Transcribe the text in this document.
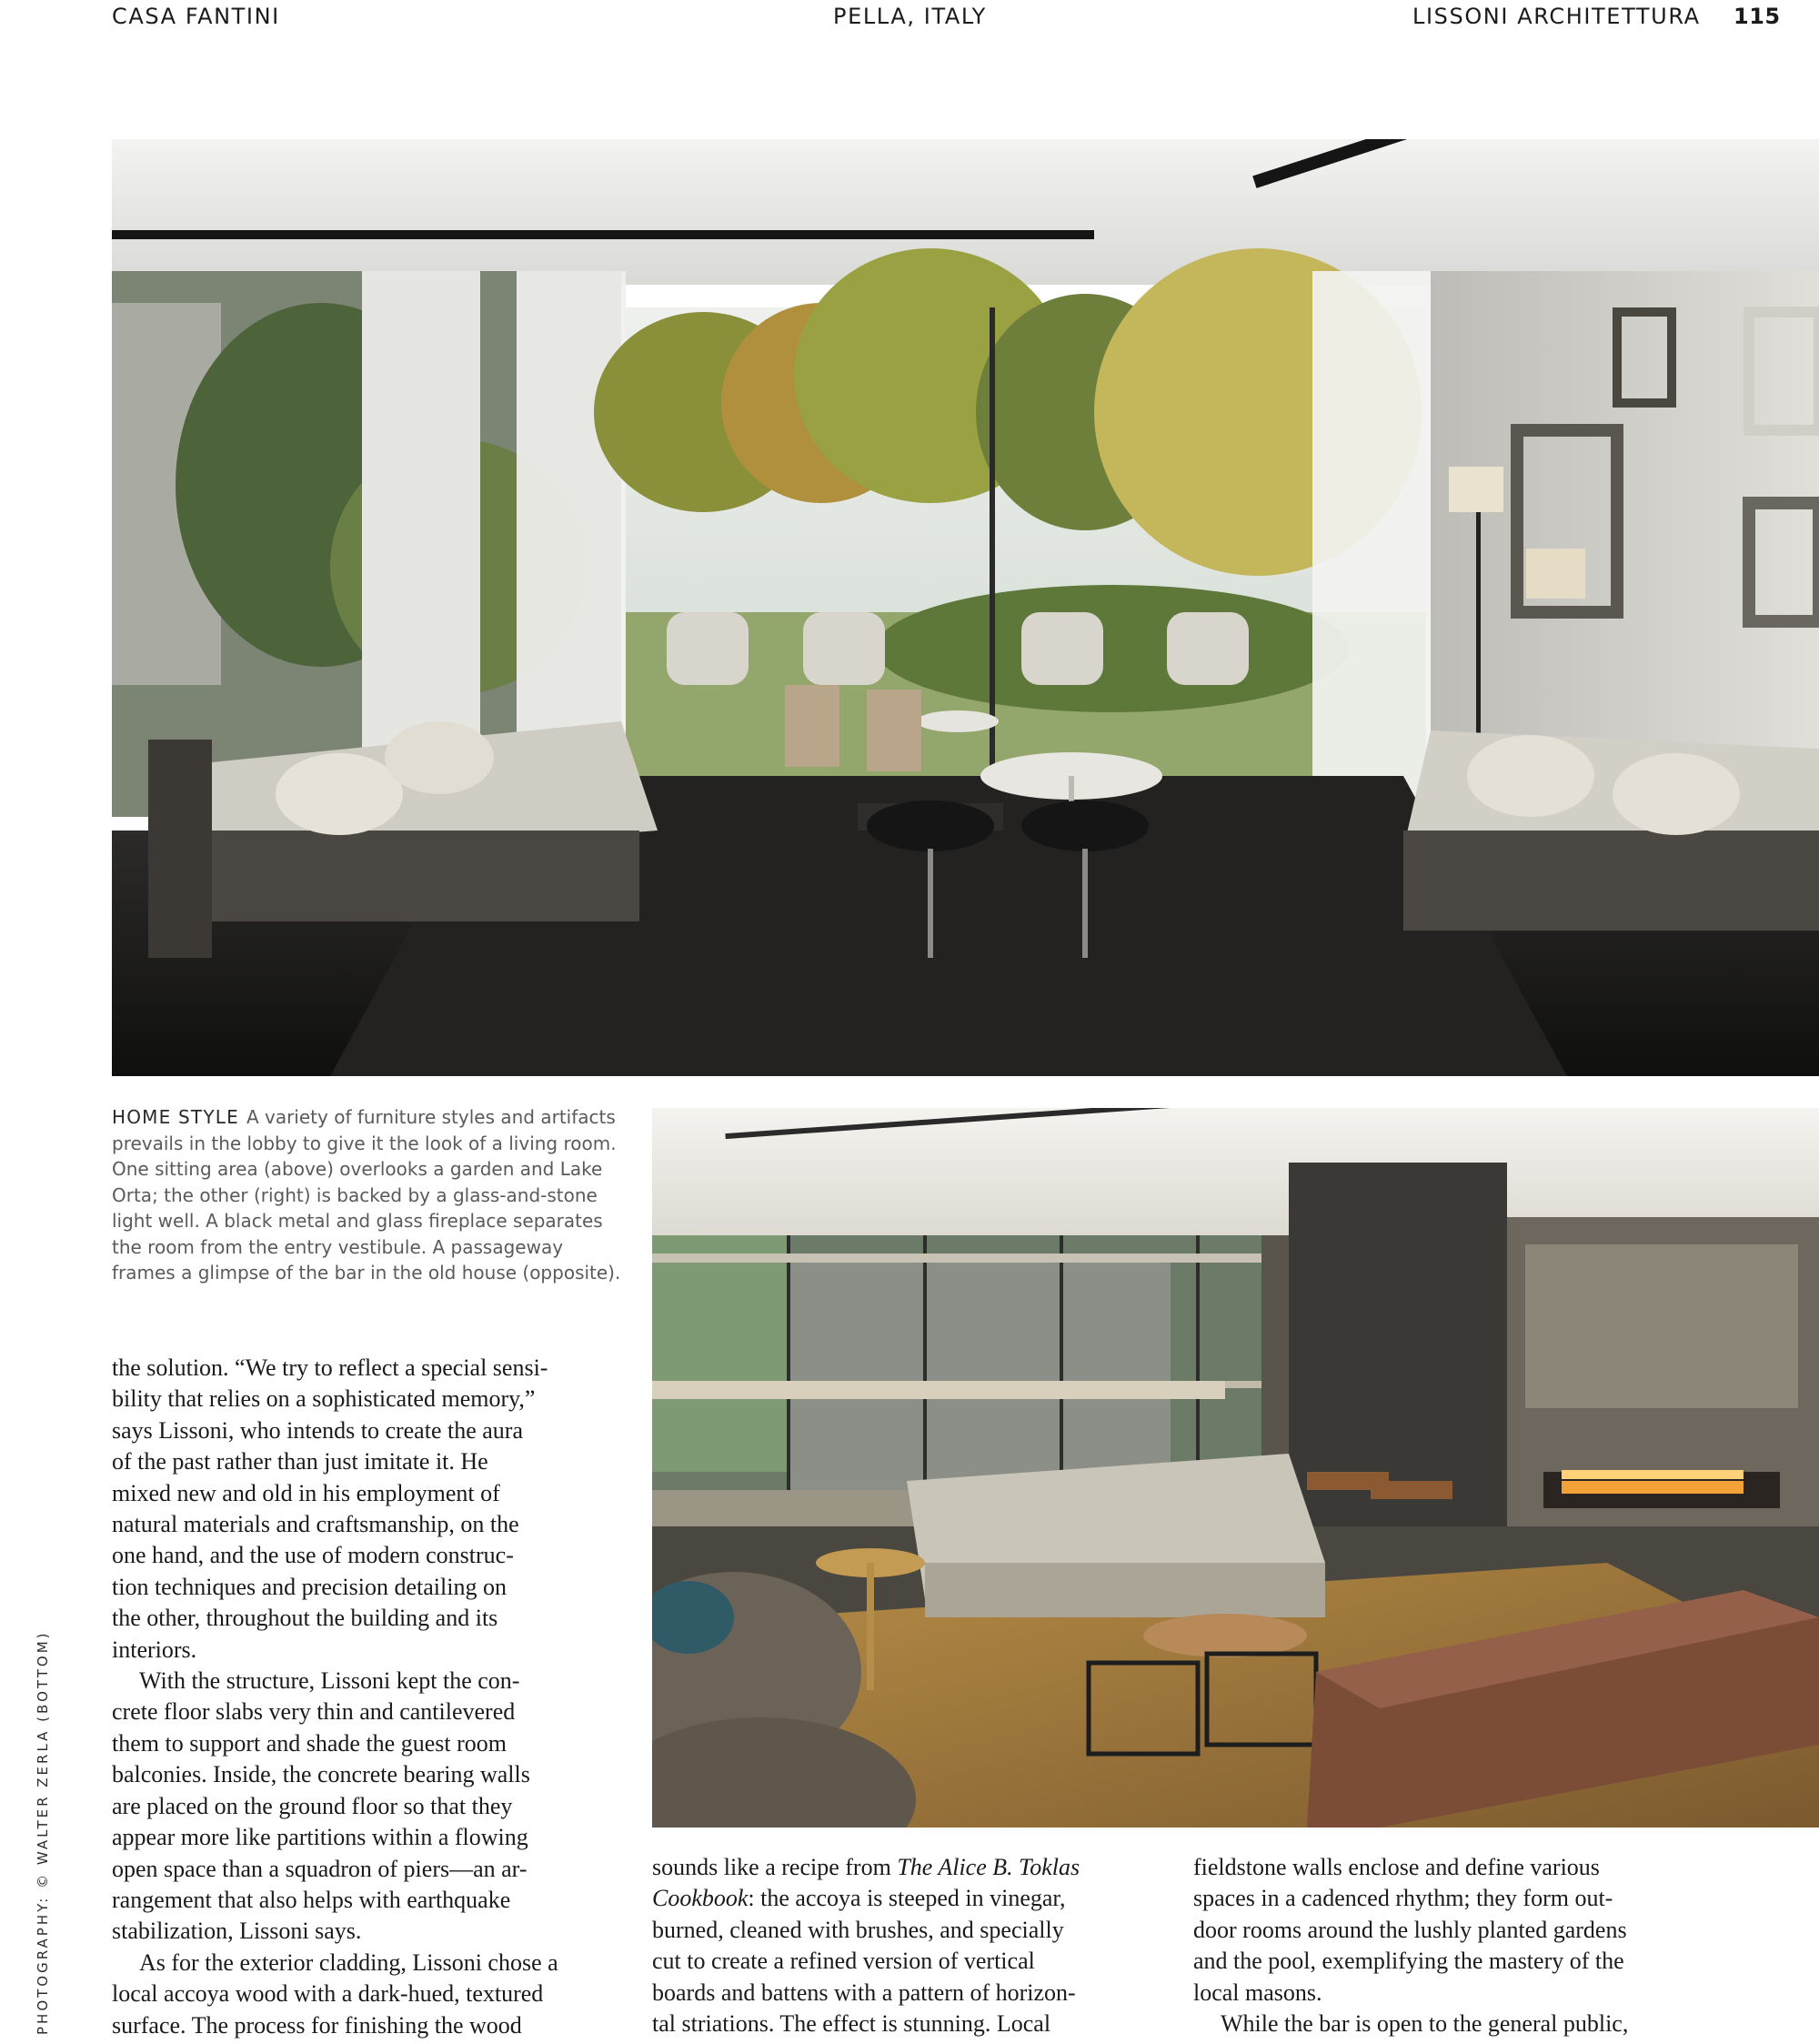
CASA FANTINI	PELLA, ITALY	LISSONI ARCHITETTURA 115
HOME STYLE A variety of furniture styles and artifacts
prevails in the lobby to give it the look of a living room.
One sitting area (above) overlooks a garden and Lake
Orta; the other (right) is backed by a glass-and-stone
light well. A black metal and glass fireplace separates
the room from the entry vestibule. A passageway
frames a glimpse of the bar in the old house (opposite).

the solution. “We try to reflect a special sensi-

bility that relies on a sophisticated memory,”

says Lissoni, who intends to create the aura

of the past rather than just imitate it. He

mixed new and old in his employment of

natural materials and craftsmanship, on the

one hand, and the use of modern construc-

tion techniques and precision detailing on

the other, throughout the building and its

interiors.

With the structure, Lissoni kept the con-

crete floor slabs very thin and cantilevered

them to support and shade the guest room

balconies. Inside, the concrete bearing walls

are placed on the ground floor so that they

appear more like partitions within a flowing

open space than a squadron of piers—an ar-

rangement that also helps with earthquake

stabilization, Lissoni says.

As for the exterior cladding, Lissoni chose a

local accoya wood with a dark-hued, textured

surface. The process for finishing the wood

sounds like a recipe from The Alice B. Toklas

Cookbook: the accoya is steeped in vinegar,

burned, cleaned with brushes, and specially

cut to create a refined version of vertical

boards and battens with a pattern of horizon-

tal striations. The effect is stunning. Local

fieldstone walls enclose and define various

spaces in a cadenced rhythm; they form out-

door rooms around the lushly planted gardens

and the pool, exemplifying the mastery of the

local masons.

While the bar is open to the general public,

PHOTOGRAPHY: © WALTER ZERLA (BOTTOM)
